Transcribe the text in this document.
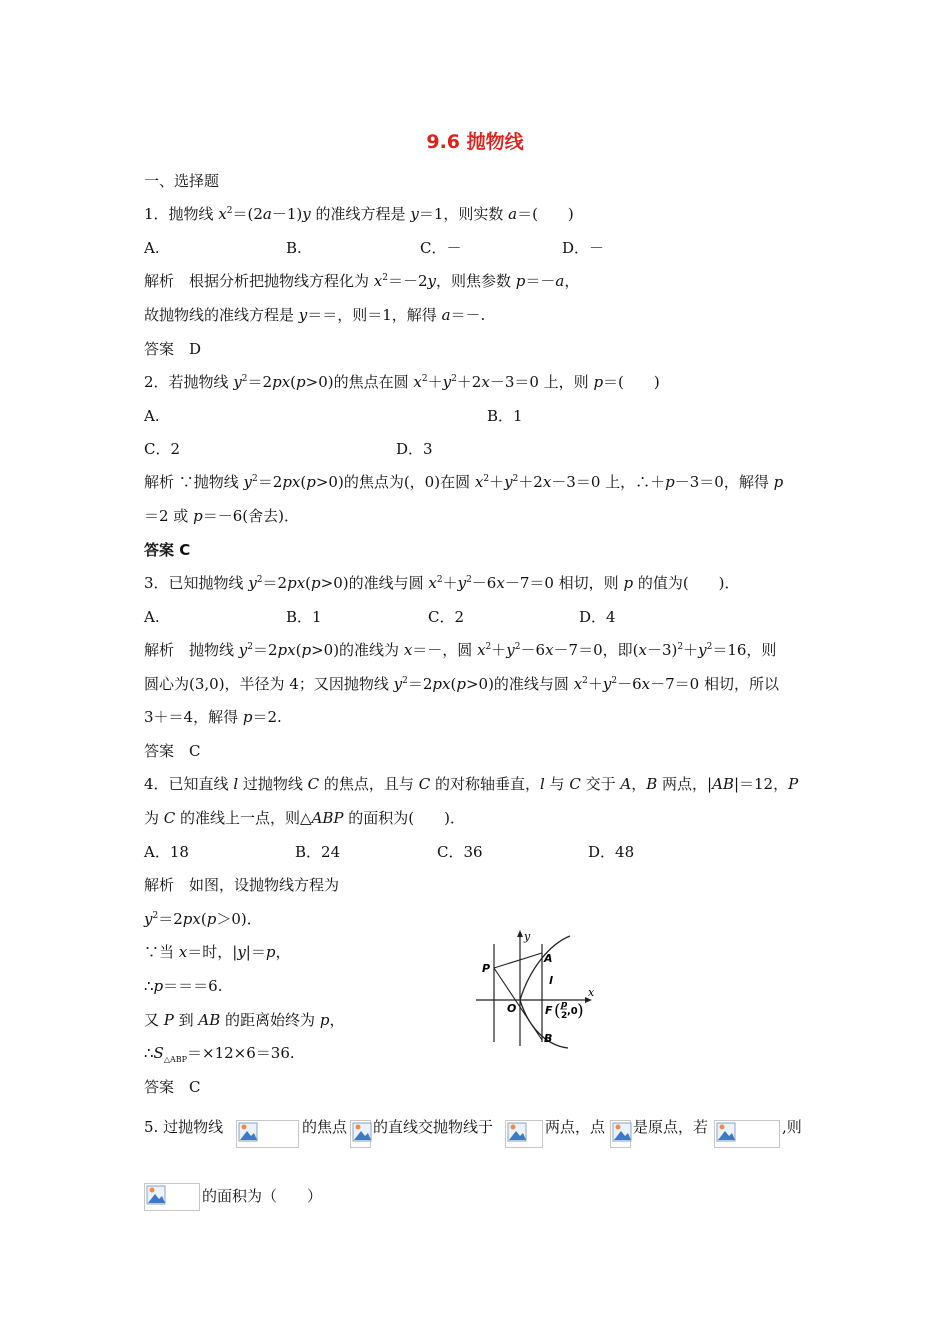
9.6 抛物线
一、选择题
1．抛物线 $x^2=(2a-1)y$ 的准线方程是 y＝1，则实数 a＝(　　)
A.	B.	C．－	D．－
解析　根据分析把抛物线方程化为 $x^2=-2y$，则焦参数 p＝－a，
故抛物线的准线方程是 y＝＝，则＝1，解得 a＝－.
答案　D
2．若抛物线 $y^2=2px(p>0)$的焦点在圆 $x^2+y^2+2x-3=0$ 上，则 p＝(　　)
A.	B．1
C．2	D．3
解析 ∵抛物线 $y^2=2px(p>0)$的焦点为(，0)在圆 $x^2+y^2+2x-3=0$ 上，∴＋p－3＝0，解得 p
＝2 或 p＝－6(舍去)．
答案 C
3．已知抛物线 $y^2=2px(p>0)$的准线与圆 $x^2+y^2-6x-7=0$ 相切，则 p 的值为(　　)．
A.	B．1	C．2	D．4
解析　抛物线 $y^2=2px(p>0)$的准线为 x＝－，圆 $x^2+y^2-6x-7=0$，即$(x-3)^2+y^2=16$，则
圆心为(3,0)，半径为 4；又因抛物线 $y^2=2px(p>0)$的准线与圆 $x^2+y^2-6x-7=0$ 相切，所以
3＋＝4，解得 p＝2.
答案　C
4．已知直线 l 过抛物线 C 的焦点，且与 C 的对称轴垂直，l 与 C 交于 A，B 两点，|AB|＝12，P
为 C 的准线上一点，则△ABP 的面积为(　　)．
A．18	B．24	C．36	D．48
解析　如图，设抛物线方程为
$y^2=2px(p>0)$．
∵当 x＝时，|y|＝p，
∴p＝＝＝6.
又 P 到 AB 的距离始终为 p，
$\therefore S_{\triangle ABP}=\times 12\times 6=36$.
答案　C
y
x
A
P
l
O	F ( p
2 ,0 )
B
5. 过抛物线	的焦点 的直线交抛物线于	两点，点 是原点，若	,则
的面积为（　　）
